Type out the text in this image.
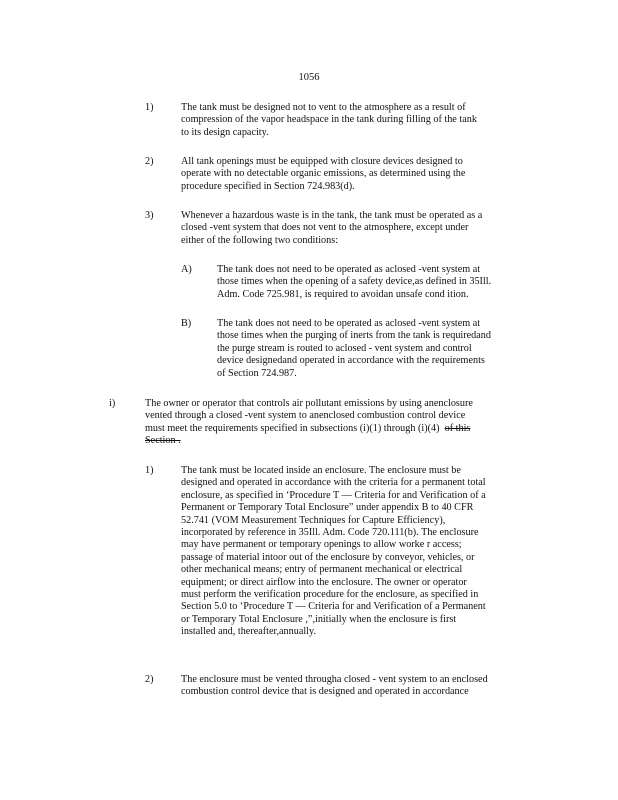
1056
1)	The tank must be designed not to vent to the atmosphere as a result of
compression of the vapor headspace in the tank during filling of the tank
to its design capacity.
2)	All tank openings must be equipped with closure devices designed to
operate with no detectable organic emissions, as determined using the
procedure specified in Section 724.983(d).
3)	Whenever a hazardous waste is in the tank, the tank must be operated as a
closed -vent system that does not vent to the atmosphere, except under
either of the following two conditions:
A) The tank does not need to be operated as aclosed -vent system at
those times when the opening of a safety device,as defined in 35Ill.
Adm. Code 725.981, is required to avoidan unsafe cond ition.
B)	The tank does not need to be operated as aclosed -vent system at
those times when the purging of inerts from the tank is requiredand
the purge stream is routed to aclosed - vent system and control
device designedand operated in accordance with the requirements
of Section 724.987.
i)	The owner or operator that controls air pollutant emissions by using anenclosure
vented through a closed -vent system to anenclosed combustion control device
must meet the requirements specified in subsections (i)(1) through (i)(4) of this
Section .
1)	The tank must be located inside an enclosure. The enclosure must be
designed and operated in accordance with the criteria for a permanent total
enclosure, as specified in ‘Procedure T — Criteria for and Verification of a
Permanent or Temporary Total Enclosure” under appendix B to 40 CFR
52.741 (VOM Measurement Techniques for Capture Efficiency),
incorporated by reference in 35Ill. Adm. Code 720.111(b). The enclosure
may have permanent or temporary openings to allow worke r access;
passage of material intoor out of the enclosure by conveyor, vehicles, or
other mechanical means; entry of permanent mechanical or electrical
equipment; or direct airflow into the enclosure. The owner or operator
must perform the verification procedure for the enclosure, as specified in
Section 5.0 to ‘Procedure T — Criteria for and Verification of a Permanent
or Temporary Total Enclosure ,”,initially when the enclosure is first
installed and, thereafter,annually.
2)	The enclosure must be vented througha closed - vent system to an enclosed
combustion control device that is designed and operated in accordance
